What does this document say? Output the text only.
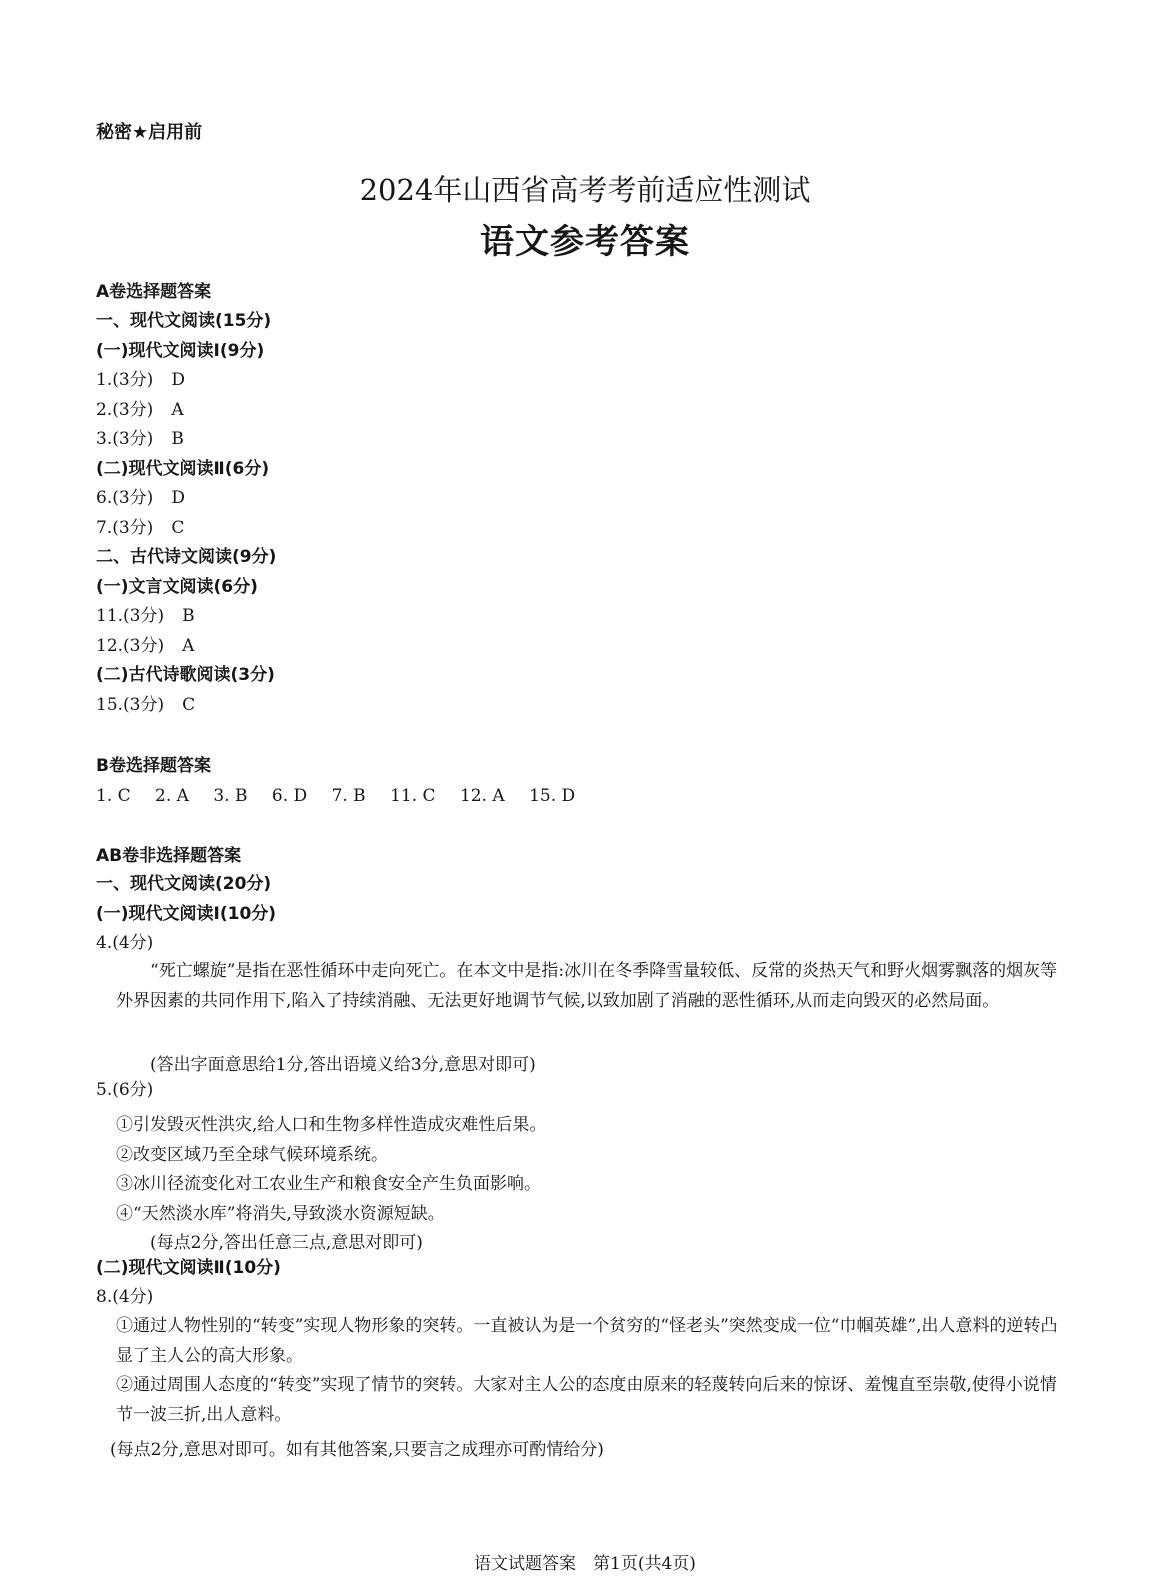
秘密★启用前
2024年山西省高考考前适应性测试
语文参考答案
A卷选择题答案
一、现代文阅读(15分)
(一)现代文阅读Ⅰ(9分)
1.(3分) D
2.(3分) A
3.(3分) B
(二)现代文阅读Ⅱ(6分)
6.(3分) D
7.(3分) C
二、古代诗文阅读(9分)
(一)文言文阅读(6分)
11.(3分) B
12.(3分) A
(二)古代诗歌阅读(3分)
15.(3分) C
B卷选择题答案
1. C 2. A 3. B 6. D 7. B 11. C 12. A 15. D
AB卷非选择题答案
一、现代文阅读(20分)
(一)现代文阅读Ⅰ(10分)
4.(4分)
“死亡螺旋”是指在恶性循环中走向死亡。在本文中是指:冰川在冬季降雪量较低、反常的炎热天气和野火烟雾飘落的烟灰等外界因素的共同作用下,陷入了持续消融、无法更好地调节气候,以致加剧了消融的恶性循环,从而走向毁灭的必然局面。
(答出字面意思给1分,答出语境义给3分,意思对即可)
5.(6分)
①引发毁灭性洪灾,给人口和生物多样性造成灾难性后果。
②改变区域乃至全球气候环境系统。
③冰川径流变化对工农业生产和粮食安全产生负面影响。
④“天然淡水库”将消失,导致淡水资源短缺。
(每点2分,答出任意三点,意思对即可)
(二)现代文阅读Ⅱ(10分)
8.(4分)
①通过人物性别的“转变”实现人物形象的突转。一直被认为是一个贫穷的“怪老头”突然变成一位“巾帼英雄”,出人意料的逆转凸显了主人公的高大形象。
②通过周围人态度的“转变”实现了情节的突转。大家对主人公的态度由原来的轻蔑转向后来的惊讶、羞愧直至崇敬,使得小说情节一波三折,出人意料。
(每点2分,意思对即可。如有其他答案,只要言之成理亦可酌情给分)
语文试题答案　第1页(共4页)
